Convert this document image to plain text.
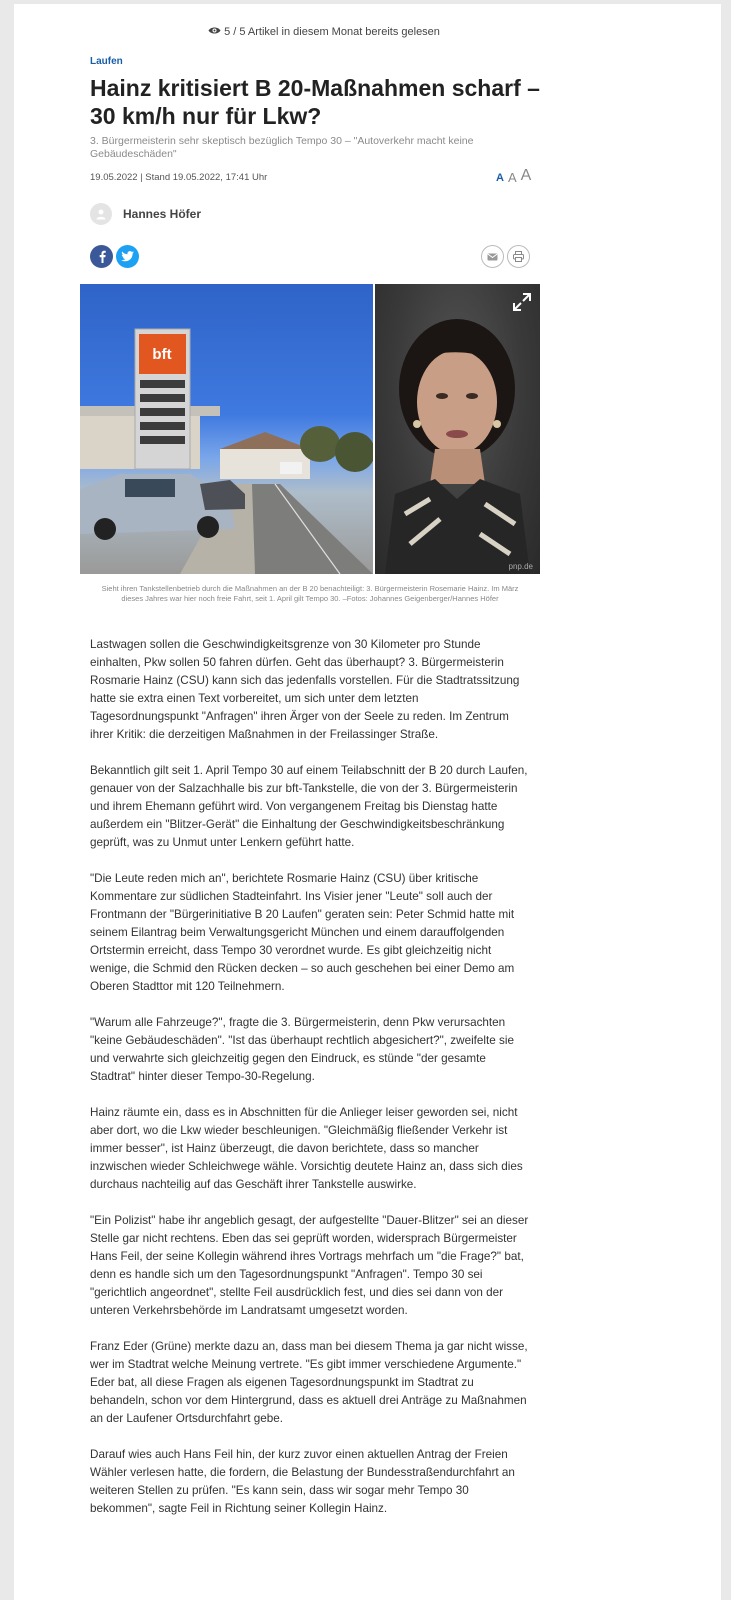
5 / 5 Artikel in diesem Monat bereits gelesen
Laufen
Hainz kritisiert B 20-Maßnahmen scharf – 30 km/h nur für Lkw?
3. Bürgermeisterin sehr skeptisch bezüglich Tempo 30 – "Autoverkehr macht keine Gebäudeschäden"
19.05.2022 | Stand 19.05.2022, 17:41 Uhr	A A A
Hannes Höfer
bft
pnp.de
Sieht ihren Tankstellenbetrieb durch die Maßnahmen an der B 20 benachteiligt: 3. Bürgermeisterin Rosemarie Hainz. Im März dieses Jahres war hier noch freie Fahrt, seit 1. April gilt Tempo 30. –Fotos: Johannes Geigenberger/Hannes Höfer

Lastwagen sollen die Geschwindigkeitsgrenze von 30 Kilometer pro Stunde einhalten, Pkw sollen 50 fahren dürfen. Geht das überhaupt? 3. Bürgermeisterin Rosmarie Hainz (CSU) kann sich das jedenfalls vorstellen. Für die Stadtratssitzung hatte sie extra einen Text vorbereitet, um sich unter dem letzten Tagesordnungspunkt "Anfragen" ihren Ärger von der Seele zu reden. Im Zentrum ihrer Kritik: die derzeitigen Maßnahmen in der Freilassinger Straße.

Bekanntlich gilt seit 1. April Tempo 30 auf einem Teilabschnitt der B 20 durch Laufen, genauer von der Salzachhalle bis zur bft-Tankstelle, die von der 3. Bürgermeisterin und ihrem Ehemann geführt wird. Von vergangenem Freitag bis Dienstag hatte außerdem ein "Blitzer-Gerät" die Einhaltung der Geschwindigkeitsbeschränkung geprüft, was zu Unmut unter Lenkern geführt hatte.

"Die Leute reden mich an", berichtete Rosmarie Hainz (CSU) über kritische Kommentare zur südlichen Stadteinfahrt. Ins Visier jener "Leute" soll auch der Frontmann der "Bürgerinitiative B 20 Laufen" geraten sein: Peter Schmid hatte mit seinem Eilantrag beim Verwaltungsgericht München und einem darauffolgenden Ortstermin erreicht, dass Tempo 30 verordnet wurde. Es gibt gleichzeitig nicht wenige, die Schmid den Rücken decken – so auch geschehen bei einer Demo am Oberen Stadttor mit 120 Teilnehmern.

"Warum alle Fahrzeuge?", fragte die 3. Bürgermeisterin, denn Pkw verursachten "keine Gebäudeschäden". "Ist das überhaupt rechtlich abgesichert?", zweifelte sie und verwahrte sich gleichzeitig gegen den Eindruck, es stünde "der gesamte Stadtrat" hinter dieser Tempo-30-Regelung.

Hainz räumte ein, dass es in Abschnitten für die Anlieger leiser geworden sei, nicht aber dort, wo die Lkw wieder beschleunigen. "Gleichmäßig fließender Verkehr ist immer besser", ist Hainz überzeugt, die davon berichtete, dass so mancher inzwischen wieder Schleichwege wähle. Vorsichtig deutete Hainz an, dass sich dies durchaus nachteilig auf das Geschäft ihrer Tankstelle auswirke.

"Ein Polizist" habe ihr angeblich gesagt, der aufgestellte "Dauer-Blitzer" sei an dieser Stelle gar nicht rechtens. Eben das sei geprüft worden, widersprach Bürgermeister Hans Feil, der seine Kollegin während ihres Vortrags mehrfach um "die Frage?" bat, denn es handle sich um den Tagesordnungspunkt "Anfragen". Tempo 30 sei "gerichtlich angeordnet", stellte Feil ausdrücklich fest, und dies sei dann von der unteren Verkehrsbehörde im Landratsamt umgesetzt worden.

Franz Eder (Grüne) merkte dazu an, dass man bei diesem Thema ja gar nicht wisse, wer im Stadtrat welche Meinung vertrete. "Es gibt immer verschiedene Argumente." Eder bat, all diese Fragen als eigenen Tagesordnungspunkt im Stadtrat zu behandeln, schon vor dem Hintergrund, dass es aktuell drei Anträge zu Maßnahmen an der Laufener Ortsdurchfahrt gebe.

Darauf wies auch Hans Feil hin, der kurz zuvor einen aktuellen Antrag der Freien Wähler verlesen hatte, die fordern, die Belastung der Bundesstraßendurchfahrt an weiteren Stellen zu prüfen. "Es kann sein, dass wir sogar mehr Tempo 30 bekommen", sagte Feil in Richtung seiner Kollegin Hainz.
